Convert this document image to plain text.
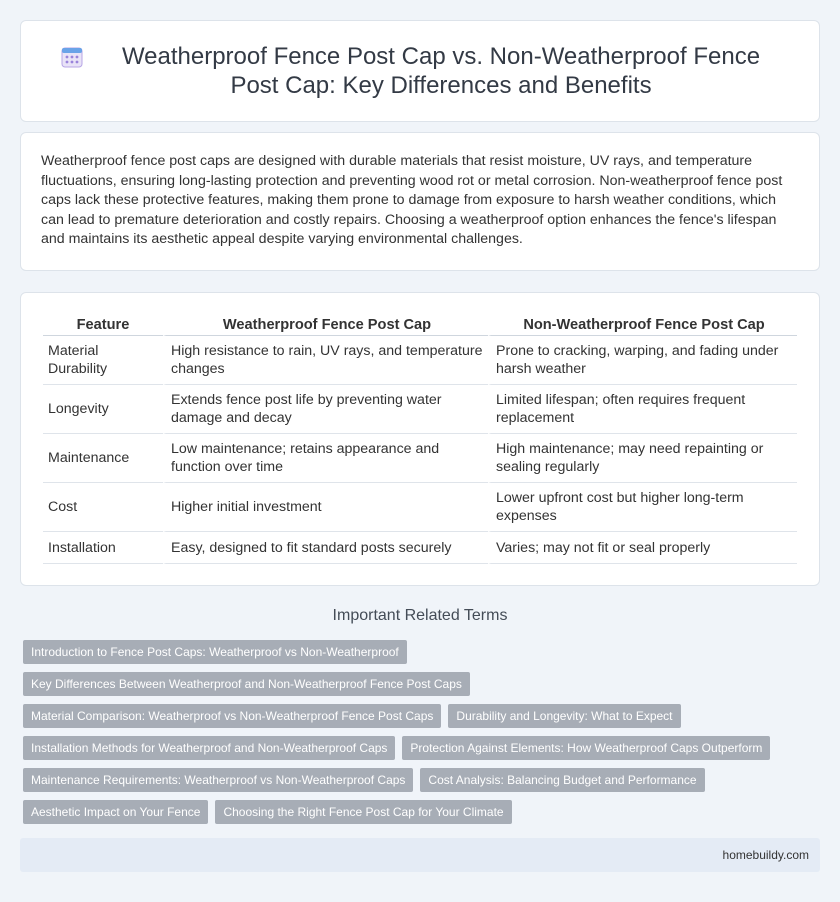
Weatherproof Fence Post Cap vs. Non-Weatherproof Fence Post Cap: Key Differences and Benefits

Weatherproof fence post caps are designed with durable materials that resist moisture, UV rays, and temperature fluctuations, ensuring long-lasting protection and preventing wood rot or metal corrosion. Non-weatherproof fence post caps lack these protective features, making them prone to damage from exposure to harsh weather conditions, which can lead to premature deterioration and costly repairs. Choosing a weatherproof option enhances the fence's lifespan and maintains its aesthetic appeal despite varying environmental challenges.

Feature	Weatherproof Fence Post Cap	Non-Weatherproof Fence Post Cap
Material Durability	High resistance to rain, UV rays, and temperature changes	Prone to cracking, warping, and fading under harsh weather
Longevity	Extends fence post life by preventing water damage and decay	Limited lifespan; often requires frequent replacement
Maintenance	Low maintenance; retains appearance and function over time	High maintenance; may need repainting or sealing regularly
Cost	Higher initial investment	Lower upfront cost but higher long-term expenses
Installation	Easy, designed to fit standard posts securely	Varies; may not fit or seal properly
Important Related Terms
Introduction to Fence Post Caps: Weatherproof vs Non-Weatherproof
Key Differences Between Weatherproof and Non-Weatherproof Fence Post Caps
Material Comparison: Weatherproof vs Non-Weatherproof Fence Post Caps	Durability and Longevity: What to Expect
Installation Methods for Weatherproof and Non-Weatherproof Caps	Protection Against Elements: How Weatherproof Caps Outperform
Maintenance Requirements: Weatherproof vs Non-Weatherproof Caps	Cost Analysis: Balancing Budget and Performance
Aesthetic Impact on Your Fence	Choosing the Right Fence Post Cap for Your Climate
homebuildy.com
